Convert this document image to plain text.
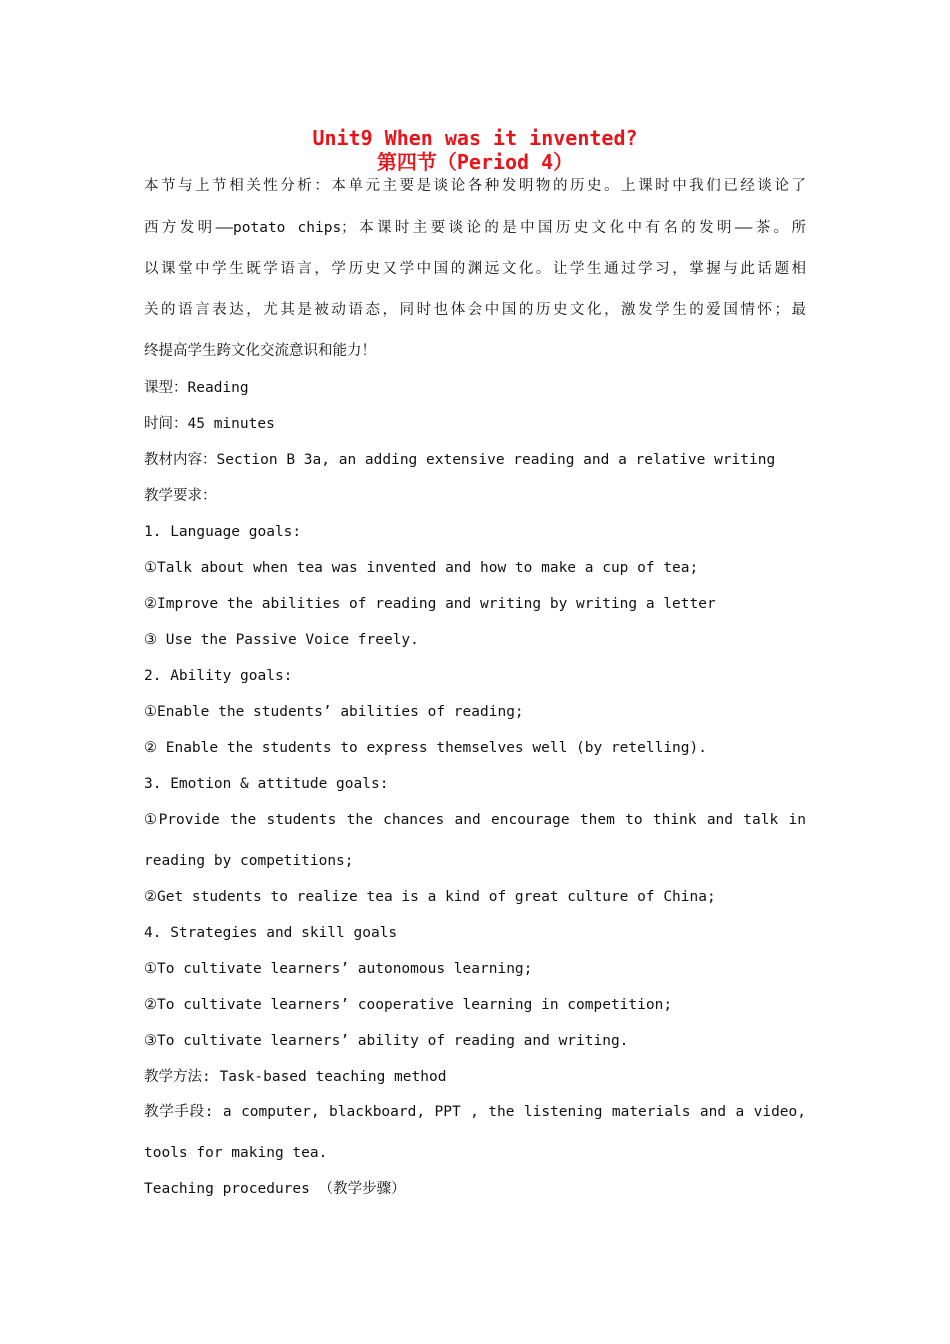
Unit9 When was it invented?
第四节（Period 4）

本节与上节相关性分析：本单元主要是谈论各种发明物的历史。上课时中我们已经谈论了

西方发明——potato chips；本课时主要谈论的是中国历史文化中有名的发明——茶。所

以课堂中学生既学语言，学历史又学中国的渊远文化。让学生通过学习，掌握与此话题相

关的语言表达，尤其是被动语态，同时也体会中国的历史文化，激发学生的爱国情怀；最

终提高学生跨文化交流意识和能力！

课型：Reading

时间：45 minutes

教材内容：Section B 3a, an adding extensive reading and a relative writing

教学要求：

1. Language goals:

①Talk about when tea was invented and how to make a cup of tea;

②Improve the abilities of reading and writing by writing a letter

③ Use the Passive Voice freely.

2. Ability goals:

①Enable the students’ abilities of reading;

② Enable the students to express themselves well (by retelling).

3. Emotion & attitude goals:

①Provide the students the chances and encourage them to think and talk in

reading by competitions;

②Get students to realize tea is a kind of great culture of China;

4. Strategies and skill goals

①To cultivate learners’ autonomous learning;

②To cultivate learners’ cooperative learning in competition;

③To cultivate learners’ ability of reading and writing.

教学方法: Task-based teaching method

教学手段: a computer, blackboard, PPT , the listening materials and a video,

tools for making tea.

Teaching procedures （教学步骤）
